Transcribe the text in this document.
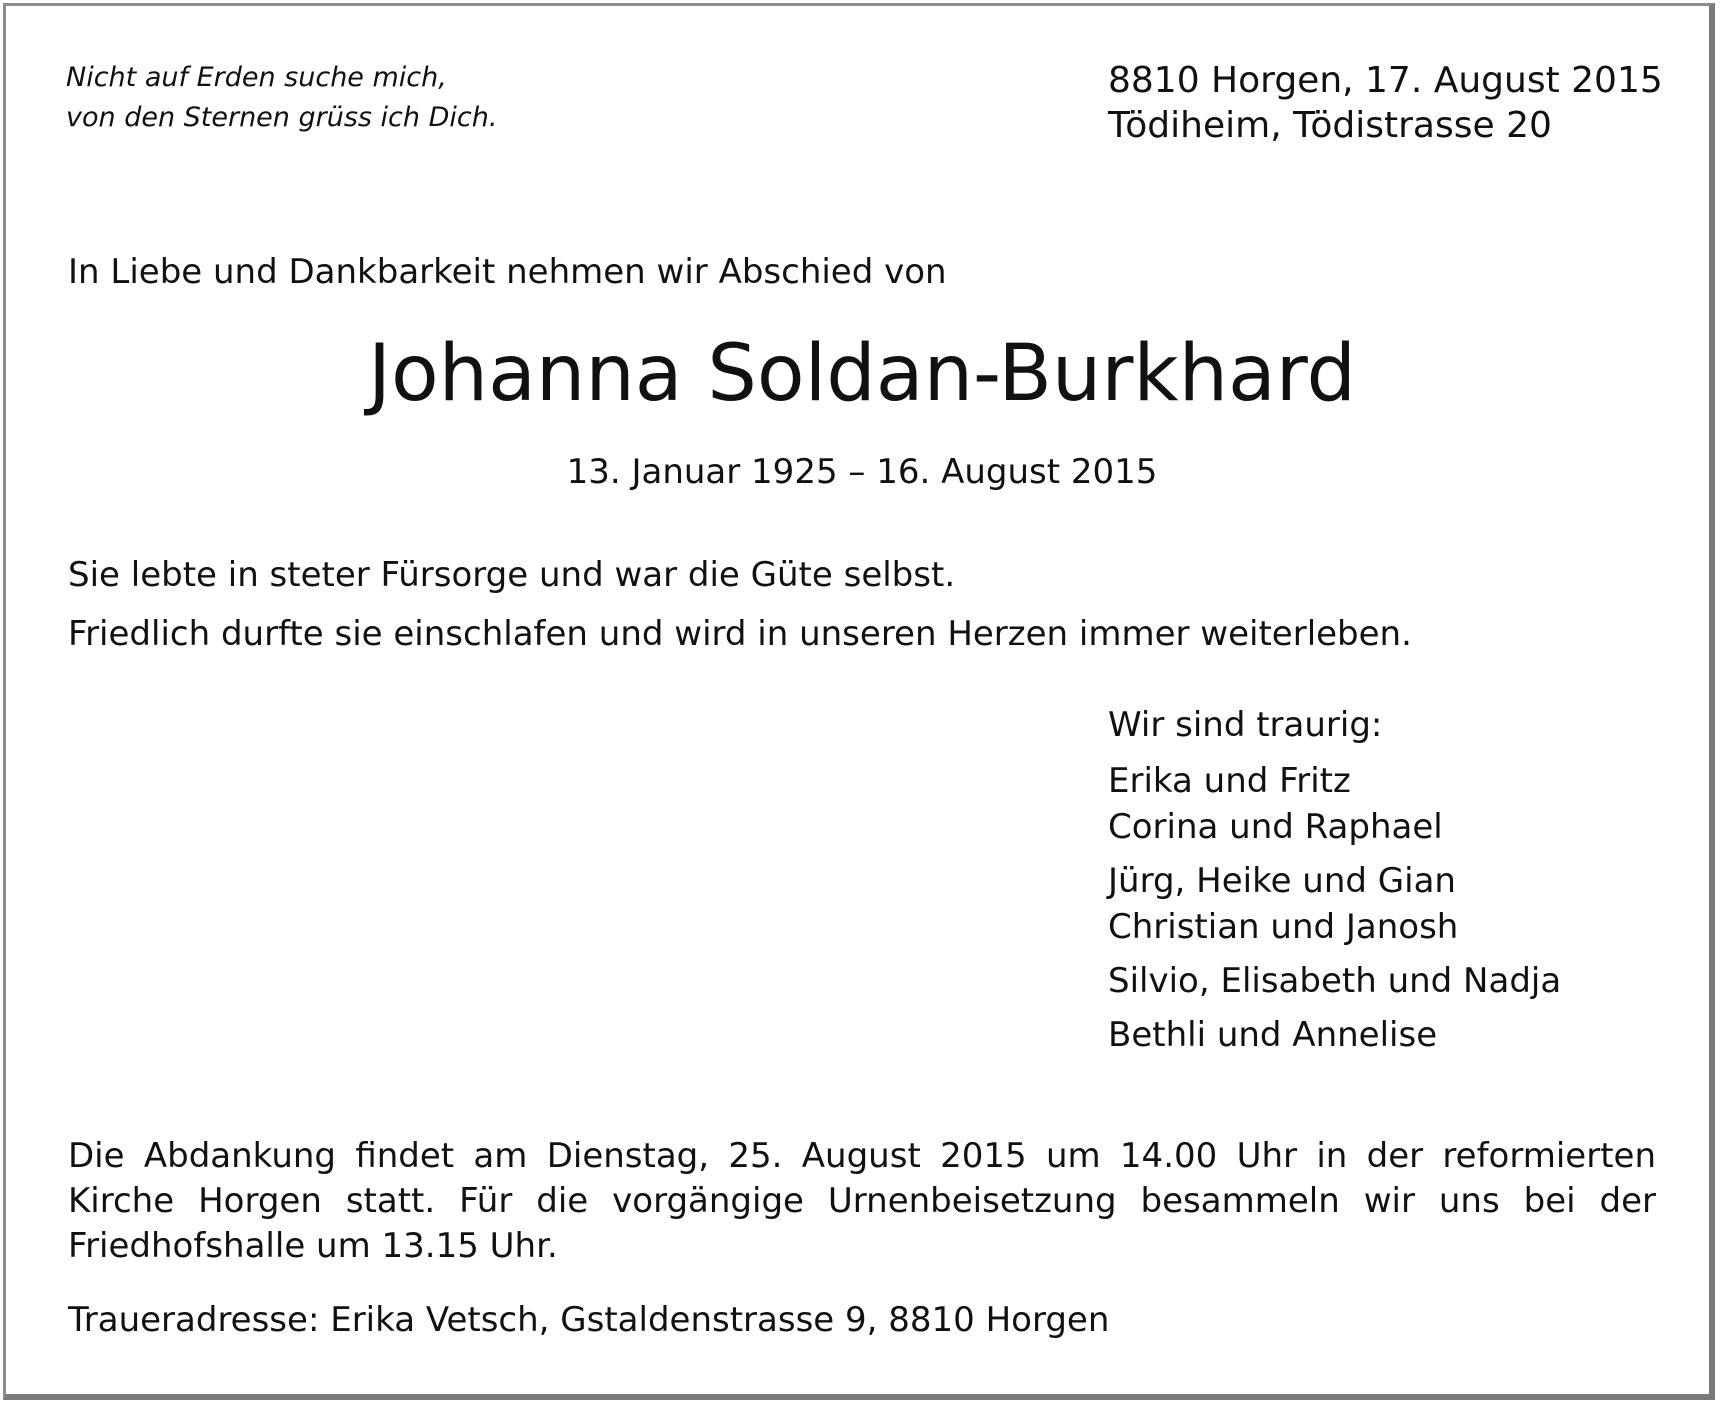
Nicht auf Erden suche mich,
von den Sternen grüss ich Dich.
8810 Horgen, 17. August 2015
Tödiheim, Tödistrasse 20
In Liebe und Dankbarkeit nehmen wir Abschied von
Johanna Soldan-Burkhard
13. Januar 1925 – 16. August 2015
Sie lebte in steter Fürsorge und war die Güte selbst.
Friedlich durfte sie einschlafen und wird in unseren Herzen immer weiterleben.
Wir sind traurig:
Erika und Fritz
Corina und Raphael
Jürg, Heike und Gian
Christian und Janosh
Silvio, Elisabeth und Nadja
Bethli und Annelise
Die Abdankung findet am Dienstag, 25. August 2015 um 14.00 Uhr in der reformierten Kirche Horgen statt. Für die vorgängige Urnenbeisetzung besammeln wir uns bei der Friedhofshalle um 13.15 Uhr.
Traueradresse: Erika Vetsch, Gstaldenstrasse 9, 8810 Horgen
